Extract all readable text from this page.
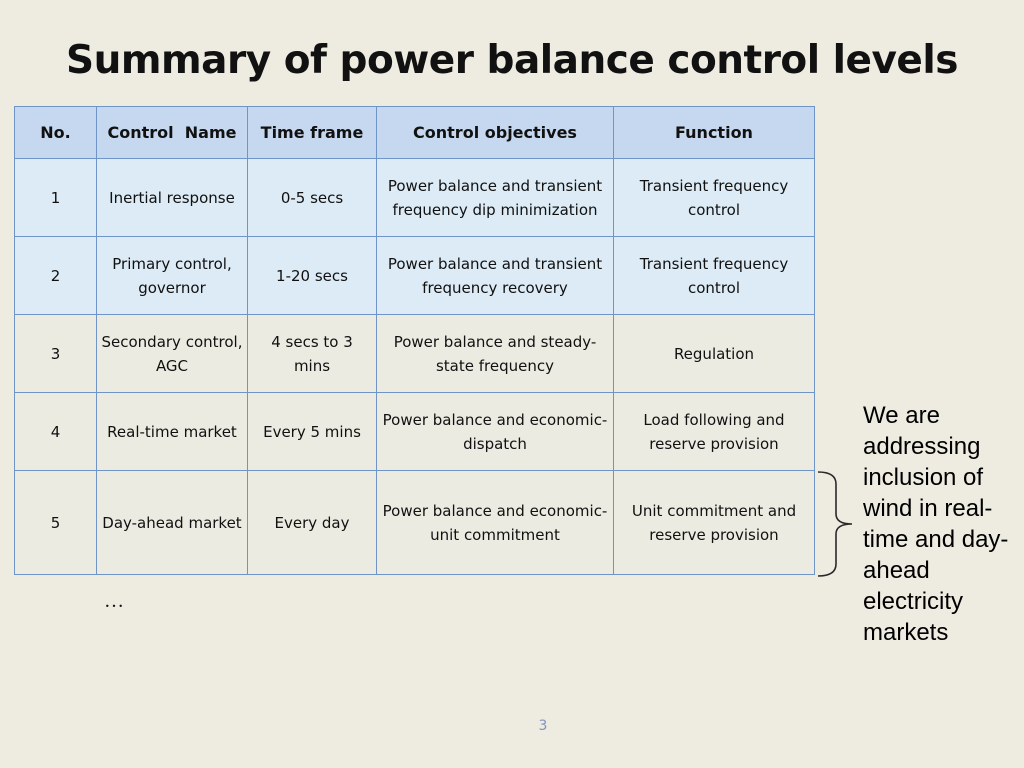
Summary of power balance control levels
No.	Control  Name	Time frame	Control objectives	Function
1	Inertial response	0-5 secs	Power balance and transient frequency dip minimization	Transient frequency control
2	Primary control, governor	1-20 secs	Power balance and transient frequency recovery	Transient frequency control
3	Secondary control, AGC	4 secs to 3 mins	Power balance and steady-state frequency	Regulation
4	Real-time market	Every 5 mins	Power balance and economic-dispatch	Load following and reserve provision
5	Day-ahead market	Every day	Power balance and economic-unit commitment	Unit commitment and reserve provision
…
We are addressing inclusion of wind in real-time and day-ahead electricity markets
3
